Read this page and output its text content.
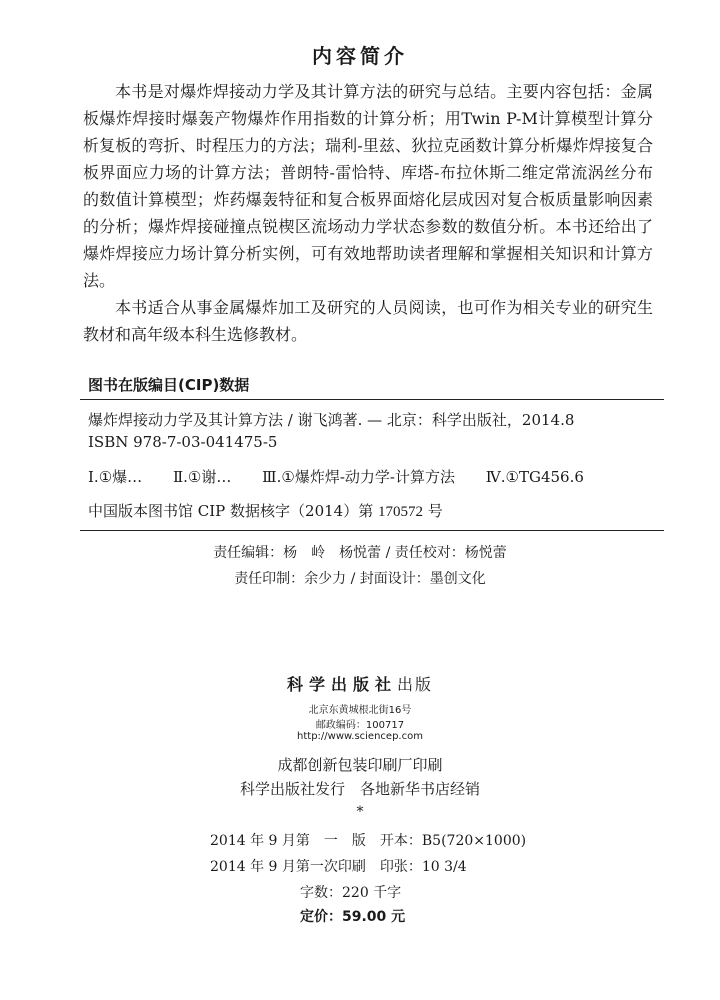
内容简介

本书是对爆炸焊接动力学及其计算方法的研究与总结。主要内容包括：金属板爆炸焊接时爆轰产物爆炸作用指数的计算分析；用Twin P-M计算模型计算分析复板的弯折、时程压力的方法；瑞利-里兹、狄拉克函数计算分析爆炸焊接复合板界面应力场的计算方法；普朗特-雷恰特、库塔-布拉休斯二维定常流涡丝分布的数值计算模型；炸药爆轰特征和复合板界面熔化层成因对复合板质量影响因素的分析；爆炸焊接碰撞点锐楔区流场动力学状态参数的数值分析。本书还给出了爆炸焊接应力场计算分析实例，可有效地帮助读者理解和掌握相关知识和计算方法。

本书适合从事金属爆炸加工及研究的人员阅读，也可作为相关专业的研究生教材和高年级本科生选修教材。

图书在版编目(CIP)数据
爆炸焊接动力学及其计算方法 / 谢飞鸿著. — 北京：科学出版社，2014.8
ISBN 978-7-03-041475-5
Ⅰ.①爆… Ⅱ.①谢… Ⅲ.①爆炸焊-动力学-计算方法 Ⅳ.①TG456.6
中国版本图书馆 CIP 数据核字（2014）第 170572 号
责任编辑：杨　岭　杨悦蕾 / 责任校对：杨悦蕾
责任印制：余少力 / 封面设计：墨创文化
科学出版社出版
北京东黄城根北街16号
邮政编码：100717
http://www.sciencep.com
成都创新包装印刷厂印刷
科学出版社发行　各地新华书店经销
*
2014 年 9 月第　一　版 开本：B5(720×1000)
2014 年 9 月第一次印刷 印张：10 3/4
字数：220 千字
定价：59.00 元
